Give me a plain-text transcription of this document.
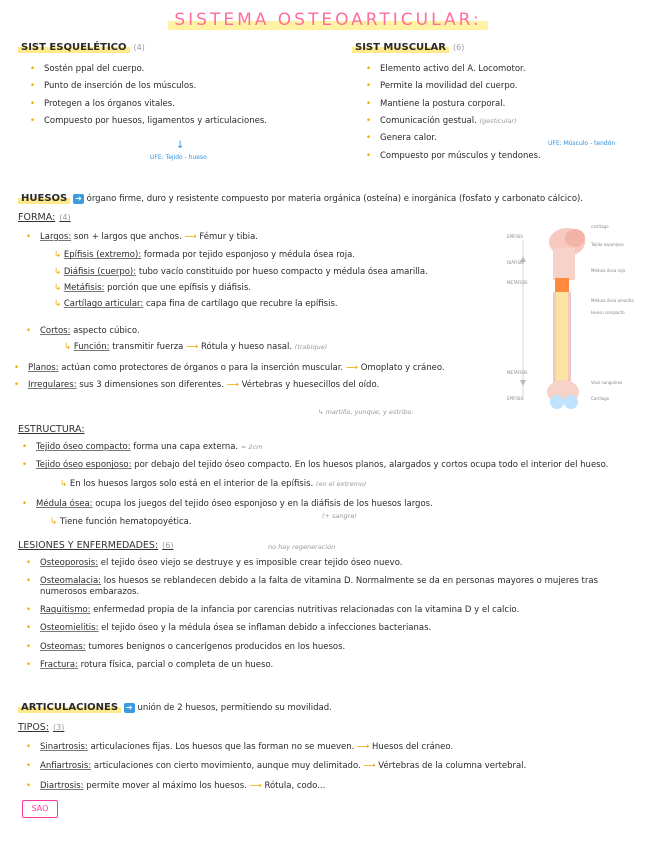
SISTEMA OSTEOARTICULAR:
SIST ESQUELÉTICO (4)
• Sostén ppal del cuerpo.
• Punto de inserción de los músculos.
• Protegen a los órganos vitales.
• Compuesto por huesos, ligamentos y articulaciones.
↓
UFE: Tejido - hueso
SIST MUSCULAR (6)
• Elemento activo del A. Locomotor.
• Permite la movilidad del cuerpo.
• Mantiene la postura corporal.
• Comunicación gestual. (gesticular)
• Genera calor.
• Compuesto por músculos y tendones.
UFE: Músculo - tendón
HUESOS ➔ órgano firme, duro y resistente compuesto por materia orgánica (osteína) e inorgánica (fosfato y carbonato cálcico).
FORMA: (4)
• Largos: son + largos que anchos. ⟶ Fémur y tibia.
↳ Epífisis (extremo): formada por tejido esponjoso y médula ósea roja.
↳ Diáfisis (cuerpo): tubo vacío constituido por hueso compacto y médula ósea amarilla.
↳ Metáfisis: porción que une epífisis y diáfisis.
↳ Cartílago articular: capa fina de cartílago que recubre la epífisis.
• Cortos: aspecto cúbico.
↳ Función: transmitir fuerza ⟶ Rótula y hueso nasal. (trabique)
• Planos: actúan como protectores de órganos o para la inserción muscular. ⟶ Omoplato y cráneo.
• Irregulares: sus 3 dimensiones son diferentes. ⟶ Vértebras y huesecillos del oído.
↳ martillo, yunque, y estribo.
cartílago
Tejido esponjoso
Médula ósea roja
Médula ósea amarilla
Hueso compacto
EPÍFISIS
METÁFISIS
DIÁFISIS
METÁFISIS
EPÍFISIS
Vaso sanguíneo
Cartílago
ESTRUCTURA:
• Tejido óseo compacto: forma una capa externa. = 2cm
• Tejido óseo esponjoso: por debajo del tejido óseo compacto. En los huesos planos, alargados y cortos ocupa todo el interior del hueso.
↳ En los huesos largos solo está en el interior de la epífisis. (en el extremo)
• Médula ósea: ocupa los juegos del tejido óseo esponjoso y en la diáfisis de los huesos largos.
↳ Tiene función hematopoyética.
(+ sangre)
LESIONES Y ENFERMEDADES: (6)	no hay regeneración
• Osteoporosis: el tejido óseo viejo se destruye y es imposible crear tejido óseo nuevo.
• Osteomalacia: los huesos se reblandecen debido a la falta de vitamina D. Normalmente se da en personas mayores o mujeres tras numerosos embarazos.
• Raquitismo: enfermedad propia de la infancia por carencias nutritivas relacionadas con la vitamina D y el calcio.
• Osteomielitis: el tejido óseo y la médula ósea se inflaman debido a infecciones bacterianas.
• Osteomas: tumores benignos o cancerígenos producidos en los huesos.
• Fractura: rotura física, parcial o completa de un hueso.
ARTICULACIONES ➔ unión de 2 huesos, permitiendo su movilidad.
TIPOS: (3)
• Sinartrosis: articulaciones fijas. Los huesos que las forman no se mueven. ⟶ Huesos del cráneo.
• Anfiartrosis: articulaciones con cierto movimiento, aunque muy delimitado. ⟶ Vértebras de la columna vertebral.
• Diartrosis: permite mover al máximo los huesos. ⟶ Rótula, codo...
SAO
